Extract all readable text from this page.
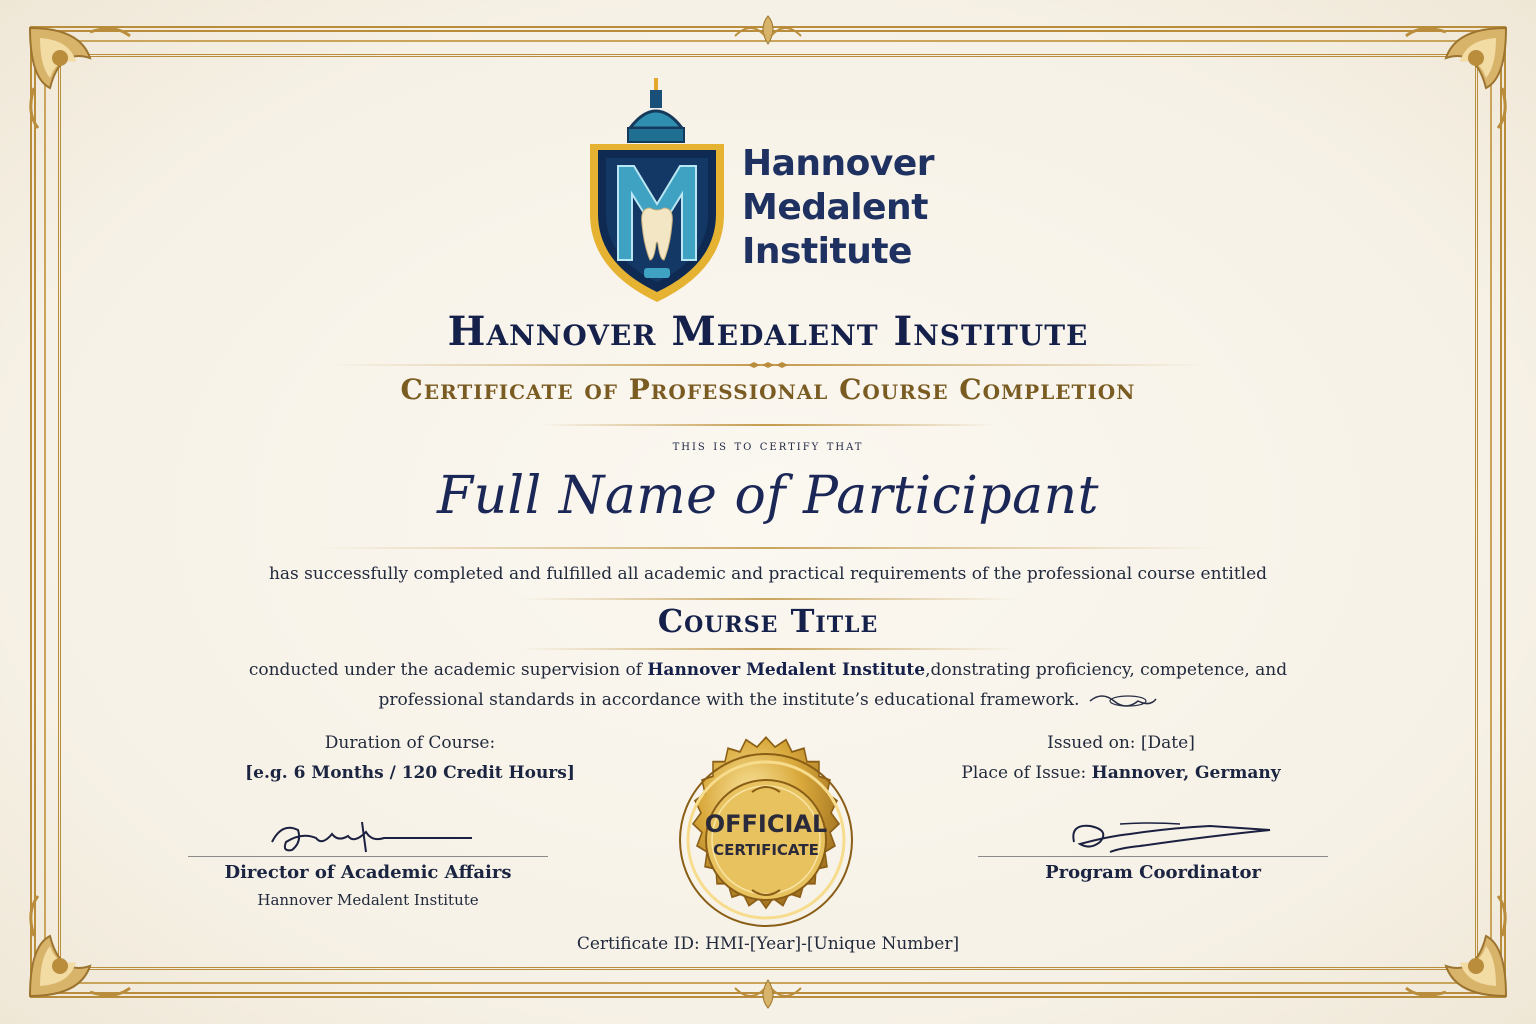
Hannover
Medalent
Institute
Hannover Medalent Institute
Certificate of Professional Course Completion
this is to certify that
Full Name of Participant
has successfully completed and fulfilled all academic and practical requirements of the professional course entitled
Course Title
conducted under the academic supervision of Hannover Medalent Institute,donstrating proficiency, competence, and
professional standards in accordance with the institute’s educational framework.
Duration of Course:
[e.g. 6 Months / 120 Credit Hours]
Issued on: [Date]
Place of Issue: Hannover, Germany
Director of Academic Affairs
Hannover Medalent Institute
Program Coordinator
OFFICIAL
CERTIFICATE
Certificate ID: HMI-[Year]-[Unique Number]
